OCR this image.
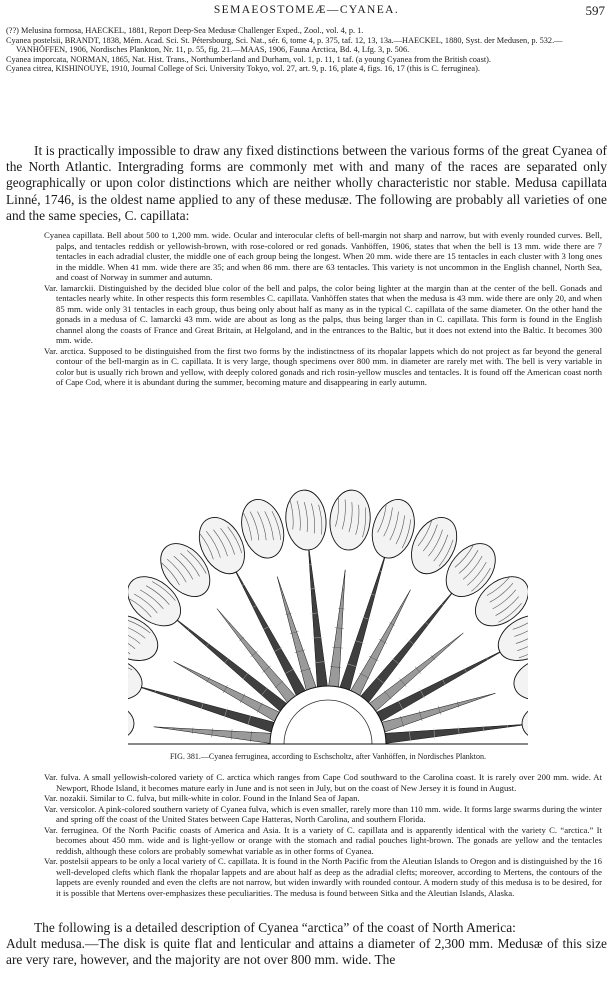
SEMAEOSTOMEÆ—CYANEA.	597

(??) Melusina formosa, HAECKEL, 1881, Report Deep-Sea Medusæ Challenger Exped., Zool., vol. 4, p. 1.

Cyanea postelsii, BRANDT, 1838, Mém. Acad. Sci. St. Pétersbourg, Sci. Nat., sér. 6, tome 4, p. 375, taf. 12, 13, 13a.—HAECKEL, 1880, Syst. der Medusen, p. 532.—VANHÖFFEN, 1906, Nordisches Plankton, Nr. 11, p. 55, fig. 21.—MAAS, 1906, Fauna Arctica, Bd. 4, Lfg. 3, p. 506.

Cyanea imporcata, NORMAN, 1865, Nat. Hist. Trans., Northumberland and Durham, vol. 1, p. 11, 1 taf. (a young Cyanea from the British coast).

Cyanea citrea, KISHINOUYE, 1910, Journal College of Sci. University Tokyo, vol. 27, art. 9, p. 16, plate 4, figs. 16, 17 (this is C. ferruginea).

It is practically impossible to draw any fixed distinctions between the various forms of the great Cyanea of the North Atlantic. Intergrading forms are commonly met with and many of the races are separated only geographically or upon color distinctions which are neither wholly characteristic nor stable. Medusa capillata Linné, 1746, is the oldest name applied to any of these medusæ. The following are probably all varieties of one and the same species, C. capillata:

Cyanea capillata. Bell about 500 to 1,200 mm. wide. Ocular and interocular clefts of bell-margin not sharp and narrow, but with evenly rounded curves. Bell, palps, and tentacles reddish or yellowish-brown, with rose-colored or red gonads. Vanhöffen, 1906, states that when the bell is 13 mm. wide there are 7 tentacles in each adradial cluster, the middle one of each group being the longest. When 20 mm. wide there are 15 tentacles in each cluster with 3 long ones in the middle. When 41 mm. wide there are 35; and when 86 mm. there are 63 tentacles. This variety is not uncommon in the English channel, North Sea, and coast of Norway in summer and autumn.

Var. lamarckii. Distinguished by the decided blue color of the bell and palps, the color being lighter at the margin than at the center of the bell. Gonads and tentacles nearly white. In other respects this form resembles C. capillata. Vanhöffen states that when the medusa is 43 mm. wide there are only 20, and when 85 mm. wide only 31 tentacles in each group, thus being only about half as many as in the typical C. capillata of the same diameter. On the other hand the gonads in a medusa of C. lamarcki 43 mm. wide are about as long as the palps, thus being larger than in C. capillata. This form is found in the English channel along the coasts of France and Great Britain, at Helgoland, and in the entrances to the Baltic, but it does not extend into the Baltic. It becomes 300 mm. wide.

Var. arctica. Supposed to be distinguished from the first two forms by the indistinctness of its rhopalar lappets which do not project as far beyond the general contour of the bell-margin as in C. capillata. It is very large, though specimens over 800 mm. in diameter are rarely met with. The bell is very variable in color but is usually rich brown and yellow, with deeply colored gonads and rich rosin-yellow muscles and tentacles. It is found off the American coast north of Cape Cod, where it is abundant during the summer, becoming mature and disappearing in early autumn.

FIG. 381.—Cyanea ferruginea, according to Eschscholtz, after Vanhöffen, in Nordisches Plankton.

Var. fulva. A small yellowish-colored variety of C. arctica which ranges from Cape Cod southward to the Carolina coast. It is rarely over 200 mm. wide. At Newport, Rhode Island, it becomes mature early in June and is not seen in July, but on the coast of New Jersey it is found in August.

Var. nozakii. Similar to C. fulva, but milk-white in color. Found in the Inland Sea of Japan.

Var. versicolor. A pink-colored southern variety of Cyanea fulva, which is even smaller, rarely more than 110 mm. wide. It forms large swarms during the winter and spring off the coast of the United States between Cape Hatteras, North Carolina, and southern Florida.

Var. ferruginea. Of the North Pacific coasts of America and Asia. It is a variety of C. capillata and is apparently identical with the variety C. “arctica.” It becomes about 450 mm. wide and is light-yellow or orange with the stomach and radial pouches light-brown. The gonads are yellow and the tentacles reddish, although these colors are probably somewhat variable as in other forms of Cyanea.

Var. postelsii appears to be only a local variety of C. capillata. It is found in the North Pacific from the Aleutian Islands to Oregon and is distinguished by the 16 well-developed clefts which flank the rhopalar lappets and are about half as deep as the adradial clefts; moreover, according to Mertens, the contours of the lappets are evenly rounded and even the clefts are not narrow, but widen inwardly with rounded contour. A modern study of this medusa is to be desired, for it is possible that Mertens over-emphasizes these peculiarities. The medusa is found between Sitka and the Aleutian Islands, Alaska.

The following is a detailed description of Cyanea “arctica” of the coast of North America:

Adult medusa.—The disk is quite flat and lenticular and attains a diameter of 2,300 mm. Medusæ of this size are very rare, however, and the majority are not over 800 mm. wide. The
